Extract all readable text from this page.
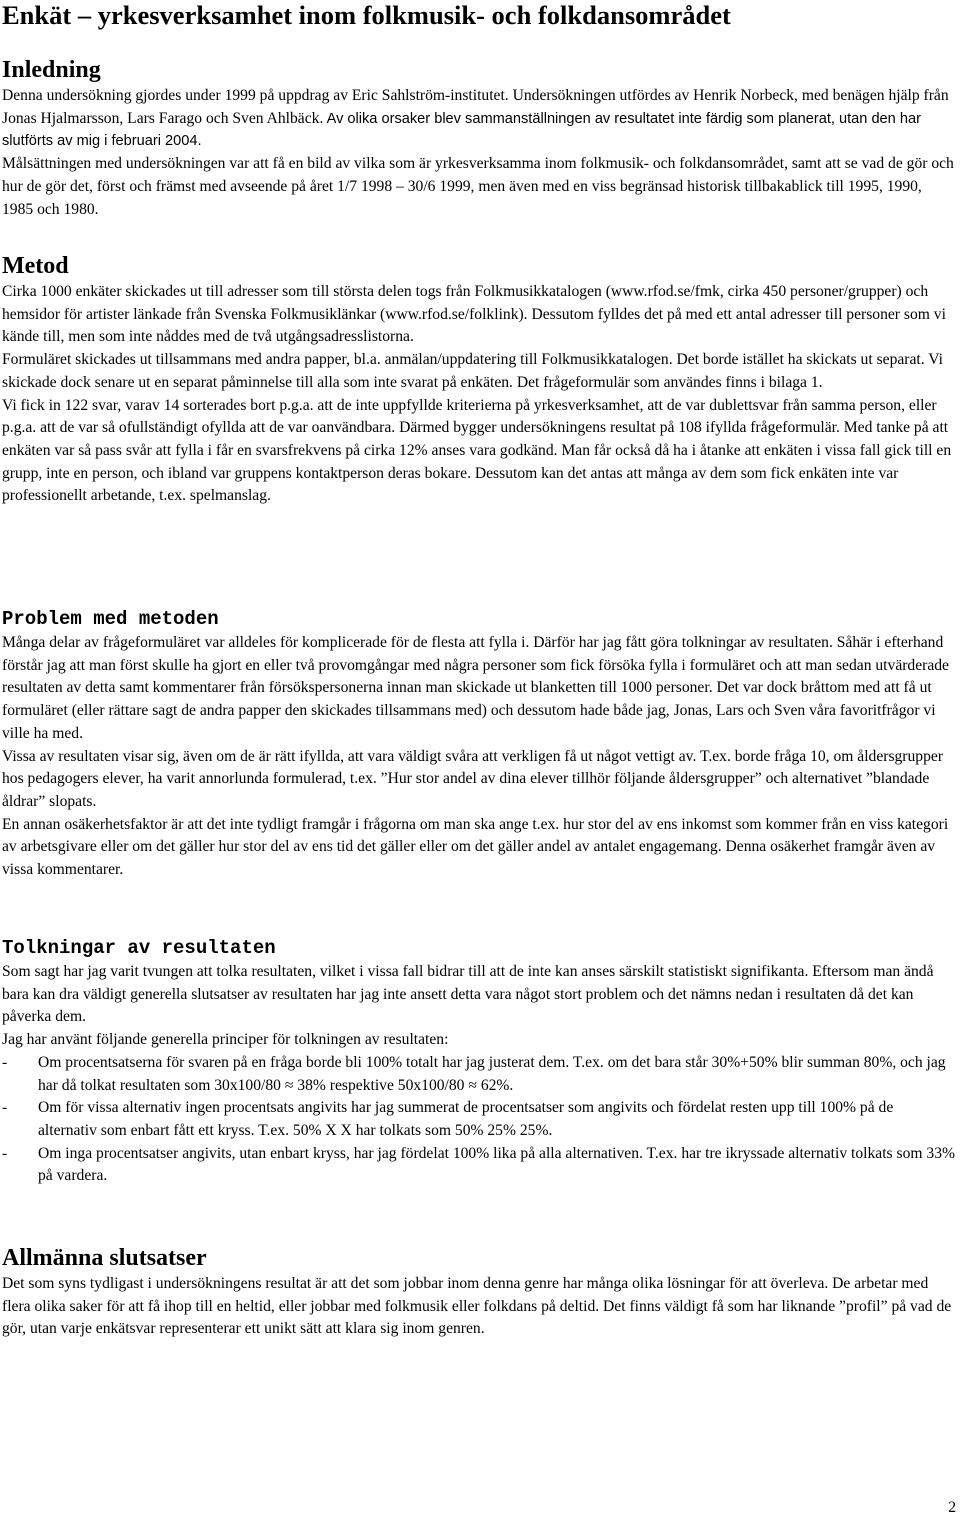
Enkät – yrkesverksamhet inom folkmusik- och folkdansområdet
Inledning

Denna undersökning gjordes under 1999 på uppdrag av Eric Sahlström-institutet. Undersökningen utfördes av Henrik Norbeck, med benägen hjälp från Jonas Hjalmarsson, Lars Farago och Sven Ahlbäck. Av olika orsaker blev sammanställningen av resultatet inte färdig som planerat, utan den har slutförts av mig i februari 2004.

Målsättningen med undersökningen var att få en bild av vilka som är yrkesverksamma inom folkmusik- och folkdansområdet, samt att se vad de gör och hur de gör det, först och främst med avseende på året 1/7 1998 – 30/6 1999, men även med en viss begränsad historisk tillbakablick till 1995, 1990, 1985 och 1980.

Metod

Cirka 1000 enkäter skickades ut till adresser som till största delen togs från Folkmusikkatalogen (www.rfod.se/fmk, cirka 450 personer/grupper) och hemsidor för artister länkade från Svenska Folkmusiklänkar (www.rfod.se/folklink). Dessutom fylldes det på med ett antal adresser till personer som vi kände till, men som inte nåddes med de två utgångsadresslistorna.

Formuläret skickades ut tillsammans med andra papper, bl.a. anmälan/uppdatering till Folkmusikkatalogen. Det borde istället ha skickats ut separat. Vi skickade dock senare ut en separat påminnelse till alla som inte svarat på enkäten. Det frågeformulär som användes finns i bilaga 1.

Vi fick in 122 svar, varav 14 sorterades bort p.g.a. att de inte uppfyllde kriterierna på yrkesverksamhet, att de var dublettsvar från samma person, eller p.g.a. att de var så ofullständigt ofyllda att de var oanvändbara. Därmed bygger undersökningens resultat på 108 ifyllda frågeformulär. Med tanke på att enkäten var så pass svår att fylla i får en svarsfrekvens på cirka 12% anses vara godkänd. Man får också då ha i åtanke att enkäten i vissa fall gick till en grupp, inte en person, och ibland var gruppens kontaktperson deras bokare. Dessutom kan det antas att många av dem som fick enkäten inte var professionellt arbetande, t.ex. spelmanslag.

Problem med metoden

Många delar av frågeformuläret var alldeles för komplicerade för de flesta att fylla i. Därför har jag fått göra tolkningar av resultaten. Såhär i efterhand förstår jag att man först skulle ha gjort en eller två provomgångar med några personer som fick försöka fylla i formuläret och att man sedan utvärderade resultaten av detta samt kommentarer från försökspersonerna innan man skickade ut blanketten till 1000 personer. Det var dock bråttom med att få ut formuläret (eller rättare sagt de andra papper den skickades tillsammans med) och dessutom hade både jag, Jonas, Lars och Sven våra favoritfrågor vi ville ha med.

Vissa av resultaten visar sig, även om de är rätt ifyllda, att vara väldigt svåra att verkligen få ut något vettigt av. T.ex. borde fråga 10, om åldersgrupper hos pedagogers elever, ha varit annorlunda formulerad, t.ex. ”Hur stor andel av dina elever tillhör följande åldersgrupper” och alternativet ”blandade åldrar” slopats.

En annan osäkerhetsfaktor är att det inte tydligt framgår i frågorna om man ska ange t.ex. hur stor del av ens inkomst som kommer från en viss kategori av arbetsgivare eller om det gäller hur stor del av ens tid det gäller eller om det gäller andel av antalet engagemang. Denna osäkerhet framgår även av vissa kommentarer.

Tolkningar av resultaten

Som sagt har jag varit tvungen att tolka resultaten, vilket i vissa fall bidrar till att de inte kan anses särskilt statistiskt signifikanta. Eftersom man ändå bara kan dra väldigt generella slutsatser av resultaten har jag inte ansett detta vara något stort problem och det nämns nedan i resultaten då det kan påverka dem.

Jag har använt följande generella principer för tolkningen av resultaten:

- Om procentsatserna för svaren på en fråga borde bli 100% totalt har jag justerat dem. T.ex. om det bara står 30%+50% blir summan 80%, och jag har då tolkat resultaten som 30x100/80 ≈ 38% respektive 50x100/80 ≈ 62%.
- Om för vissa alternativ ingen procentsats angivits har jag summerat de procentsatser som angivits och fördelat resten upp till 100% på de alternativ som enbart fått ett kryss. T.ex. 50% X X har tolkats som 50% 25% 25%.
- Om inga procentsatser angivits, utan enbart kryss, har jag fördelat 100% lika på alla alternativen. T.ex. har tre ikryssade alternativ tolkats som 33% på vardera.
Allmänna slutsatser

Det som syns tydligast i undersökningens resultat är att det som jobbar inom denna genre har många olika lösningar för att överleva. De arbetar med flera olika saker för att få ihop till en heltid, eller jobbar med folkmusik eller folkdans på deltid. Det finns väldigt få som har liknande ”profil” på vad de gör, utan varje enkätsvar representerar ett unikt sätt att klara sig inom genren.

2
